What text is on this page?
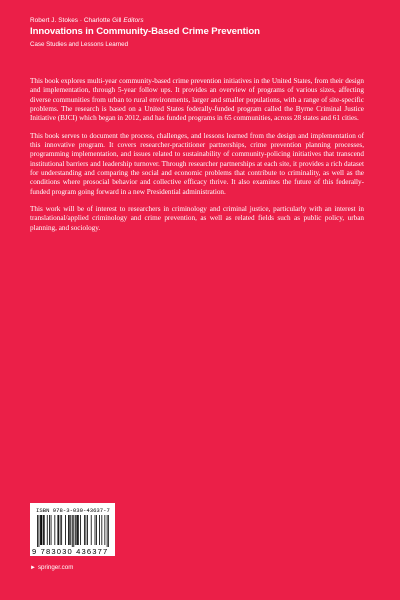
Robert J. Stokes · Charlotte Gill Editors
Innovations in Community-Based Crime Prevention
Case Studies and Lessons Learned

This book explores multi-year community-based crime prevention initiatives in the United States, from their design and implementation, through 5-year follow ups. It provides an overview of programs of various sizes, affecting diverse communities from urban to rural environments, larger and smaller populations, with a range of site-specific problems. The research is based on a United States federally-funded program called the Byrne Criminal Justice Initiative (BJCI) which began in 2012, and has funded programs in 65 communities, across 28 states and 61 cities.

This book serves to document the process, challenges, and lessons learned from the design and implementation of this innovative program. It covers researcher-practitioner partnerships, crime prevention planning processes, programming implementation, and issues related to sustainability of community-policing initiatives that transcend institutional barriers and leadership turnover. Through researcher partnerships at each site, it provides a rich dataset for understanding and comparing the social and economic problems that contribute to criminality, as well as the conditions where prosocial behavior and collective efficacy thrive. It also examines the future of this federally-funded program going forward in a new Presidential administration.

This work will be of interest to researchers in criminology and criminal justice, particularly with an interest in translational/applied criminology and crime prevention, as well as related fields such as public policy, urban planning, and sociology.

ISBN 978-3-030-43637-7
9 783030 436377
► springer.com
